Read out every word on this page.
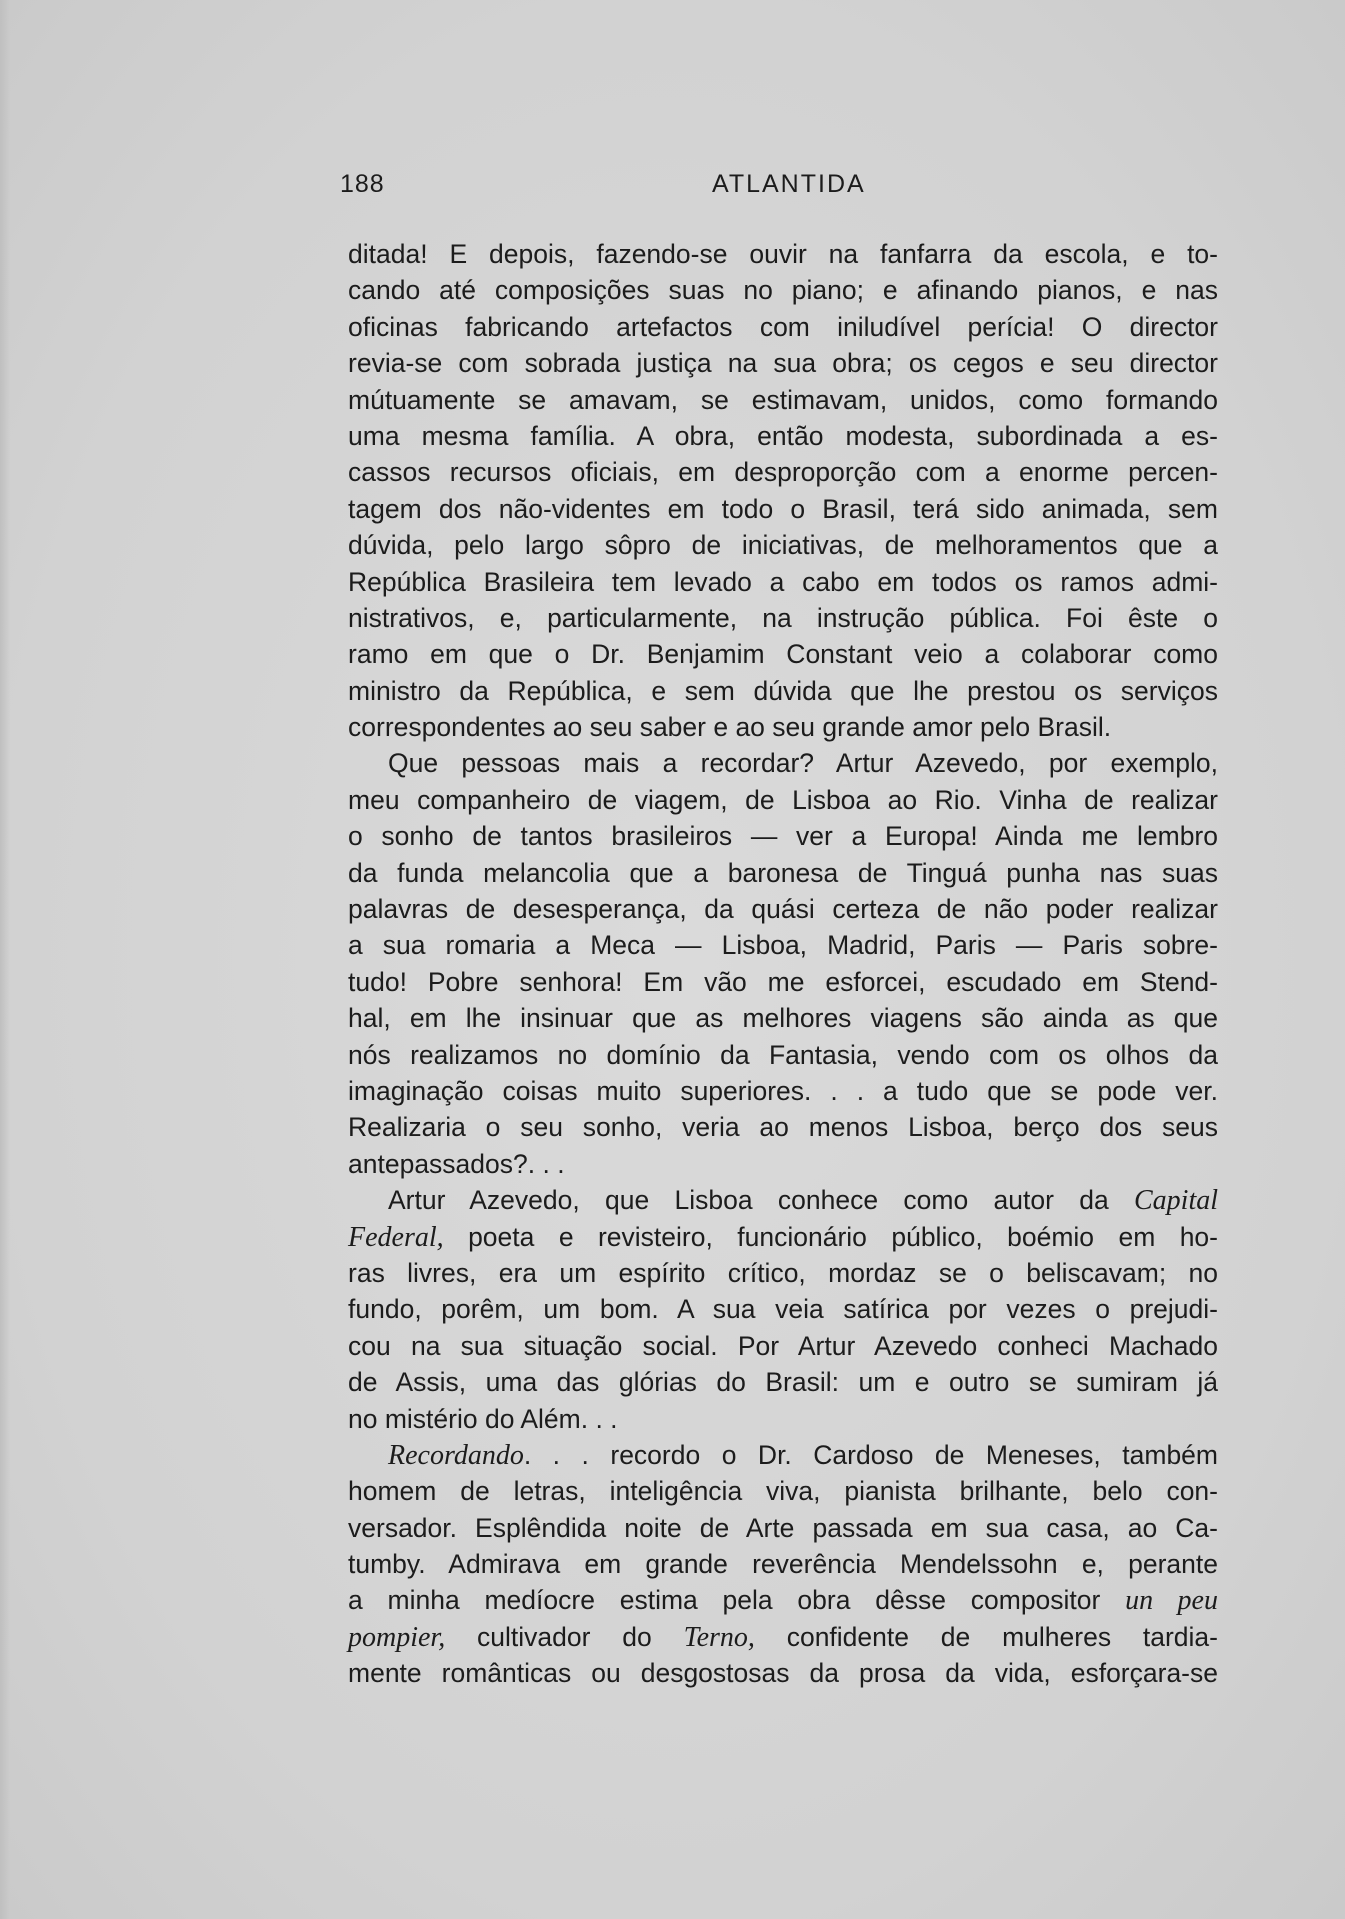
188	ATLANTIDA
ditada! E depois, fazendo-se ouvir na fanfarra da escola, e to-
cando até composições suas no piano; e afinando pianos, e nas
oficinas fabricando artefactos com iniludível perícia! O director
revia-se com sobrada justiça na sua obra; os cegos e seu director
mútuamente se amavam, se estimavam, unidos, como formando
uma mesma família. A obra, então modesta, subordinada a es-
cassos recursos oficiais, em desproporção com a enorme percen-
tagem dos não-videntes em todo o Brasil, terá sido animada, sem
dúvida, pelo largo sôpro de iniciativas, de melhoramentos que a
República Brasileira tem levado a cabo em todos os ramos admi-
nistrativos, e, particularmente, na instrução pública. Foi êste o
ramo em que o Dr. Benjamim Constant veio a colaborar como
ministro da República, e sem dúvida que lhe prestou os serviços
correspondentes ao seu saber e ao seu grande amor pelo Brasil.
Que pessoas mais a recordar? Artur Azevedo, por exemplo,
meu companheiro de viagem, de Lisboa ao Rio. Vinha de realizar
o sonho de tantos brasileiros — ver a Europa! Ainda me lembro
da funda melancolia que a baronesa de Tinguá punha nas suas
palavras de desesperança, da quási certeza de não poder realizar
a sua romaria a Meca — Lisboa, Madrid, Paris — Paris sobre-
tudo! Pobre senhora! Em vão me esforcei, escudado em Stend-
hal, em lhe insinuar que as melhores viagens são ainda as que
nós realizamos no domínio da Fantasia, vendo com os olhos da
imaginação coisas muito superiores. . . a tudo que se pode ver.
Realizaria o seu sonho, veria ao menos Lisboa, berço dos seus
antepassados?. . .
Artur Azevedo, que Lisboa conhece como autor da Capital
Federal, poeta e revisteiro, funcionário público, boémio em ho-
ras livres, era um espírito crítico, mordaz se o beliscavam; no
fundo, porêm, um bom. A sua veia satírica por vezes o prejudi-
cou na sua situação social. Por Artur Azevedo conheci Machado
de Assis, uma das glórias do Brasil: um e outro se sumiram já
no mistério do Além. . .
Recordando. . . recordo o Dr. Cardoso de Meneses, também
homem de letras, inteligência viva, pianista brilhante, belo con-
versador. Esplêndida noite de Arte passada em sua casa, ao Ca-
tumby. Admirava em grande reverência Mendelssohn e, perante
a minha medíocre estima pela obra dêsse compositor un peu
pompier, cultivador do Terno, confidente de mulheres tardia-
mente românticas ou desgostosas da prosa da vida, esforçara-se
